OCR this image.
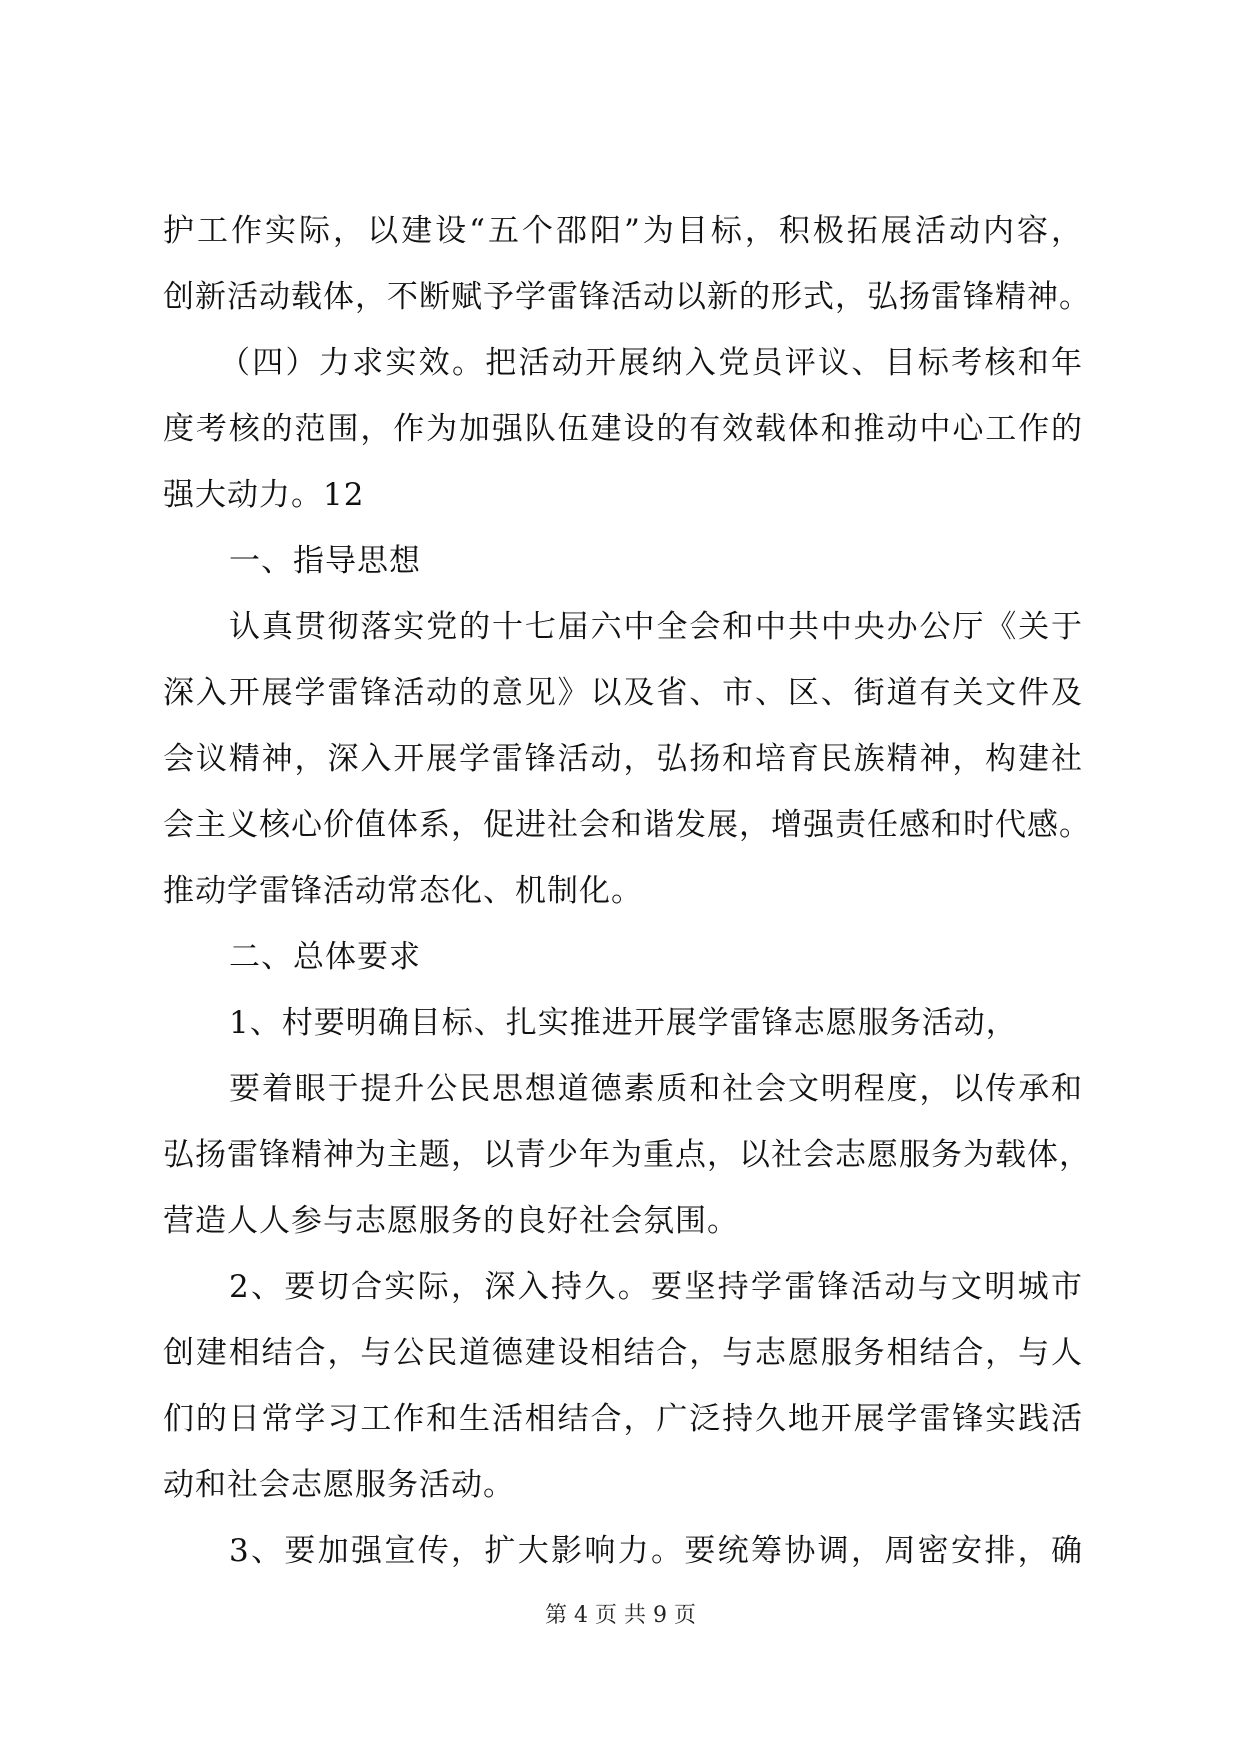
护工作实际，以建设“五个邵阳”为目标，积极拓展活动内容，
创新活动载体，不断赋予学雷锋活动以新的形式，弘扬雷锋精神。
（四）力求实效。把活动开展纳入党员评议、目标考核和年
度考核的范围，作为加强队伍建设的有效载体和推动中心工作的
强大动力。12
一、指导思想
认真贯彻落实党的十七届六中全会和中共中央办公厅《关于
深入开展学雷锋活动的意见》以及省、市、区、街道有关文件及
会议精神，深入开展学雷锋活动，弘扬和培育民族精神，构建社
会主义核心价值体系，促进社会和谐发展，增强责任感和时代感。
推动学雷锋活动常态化、机制化。
二、总体要求
1、村要明确目标、扎实推进开展学雷锋志愿服务活动，
要着眼于提升公民思想道德素质和社会文明程度，以传承和
弘扬雷锋精神为主题，以青少年为重点，以社会志愿服务为载体，
营造人人参与志愿服务的良好社会氛围。
2、要切合实际，深入持久。要坚持学雷锋活动与文明城市
创建相结合，与公民道德建设相结合，与志愿服务相结合，与人
们的日常学习工作和生活相结合，广泛持久地开展学雷锋实践活
动和社会志愿服务活动。
3、要加强宣传，扩大影响力。要统筹协调，周密安排，确
第 4 页 共 9 页
